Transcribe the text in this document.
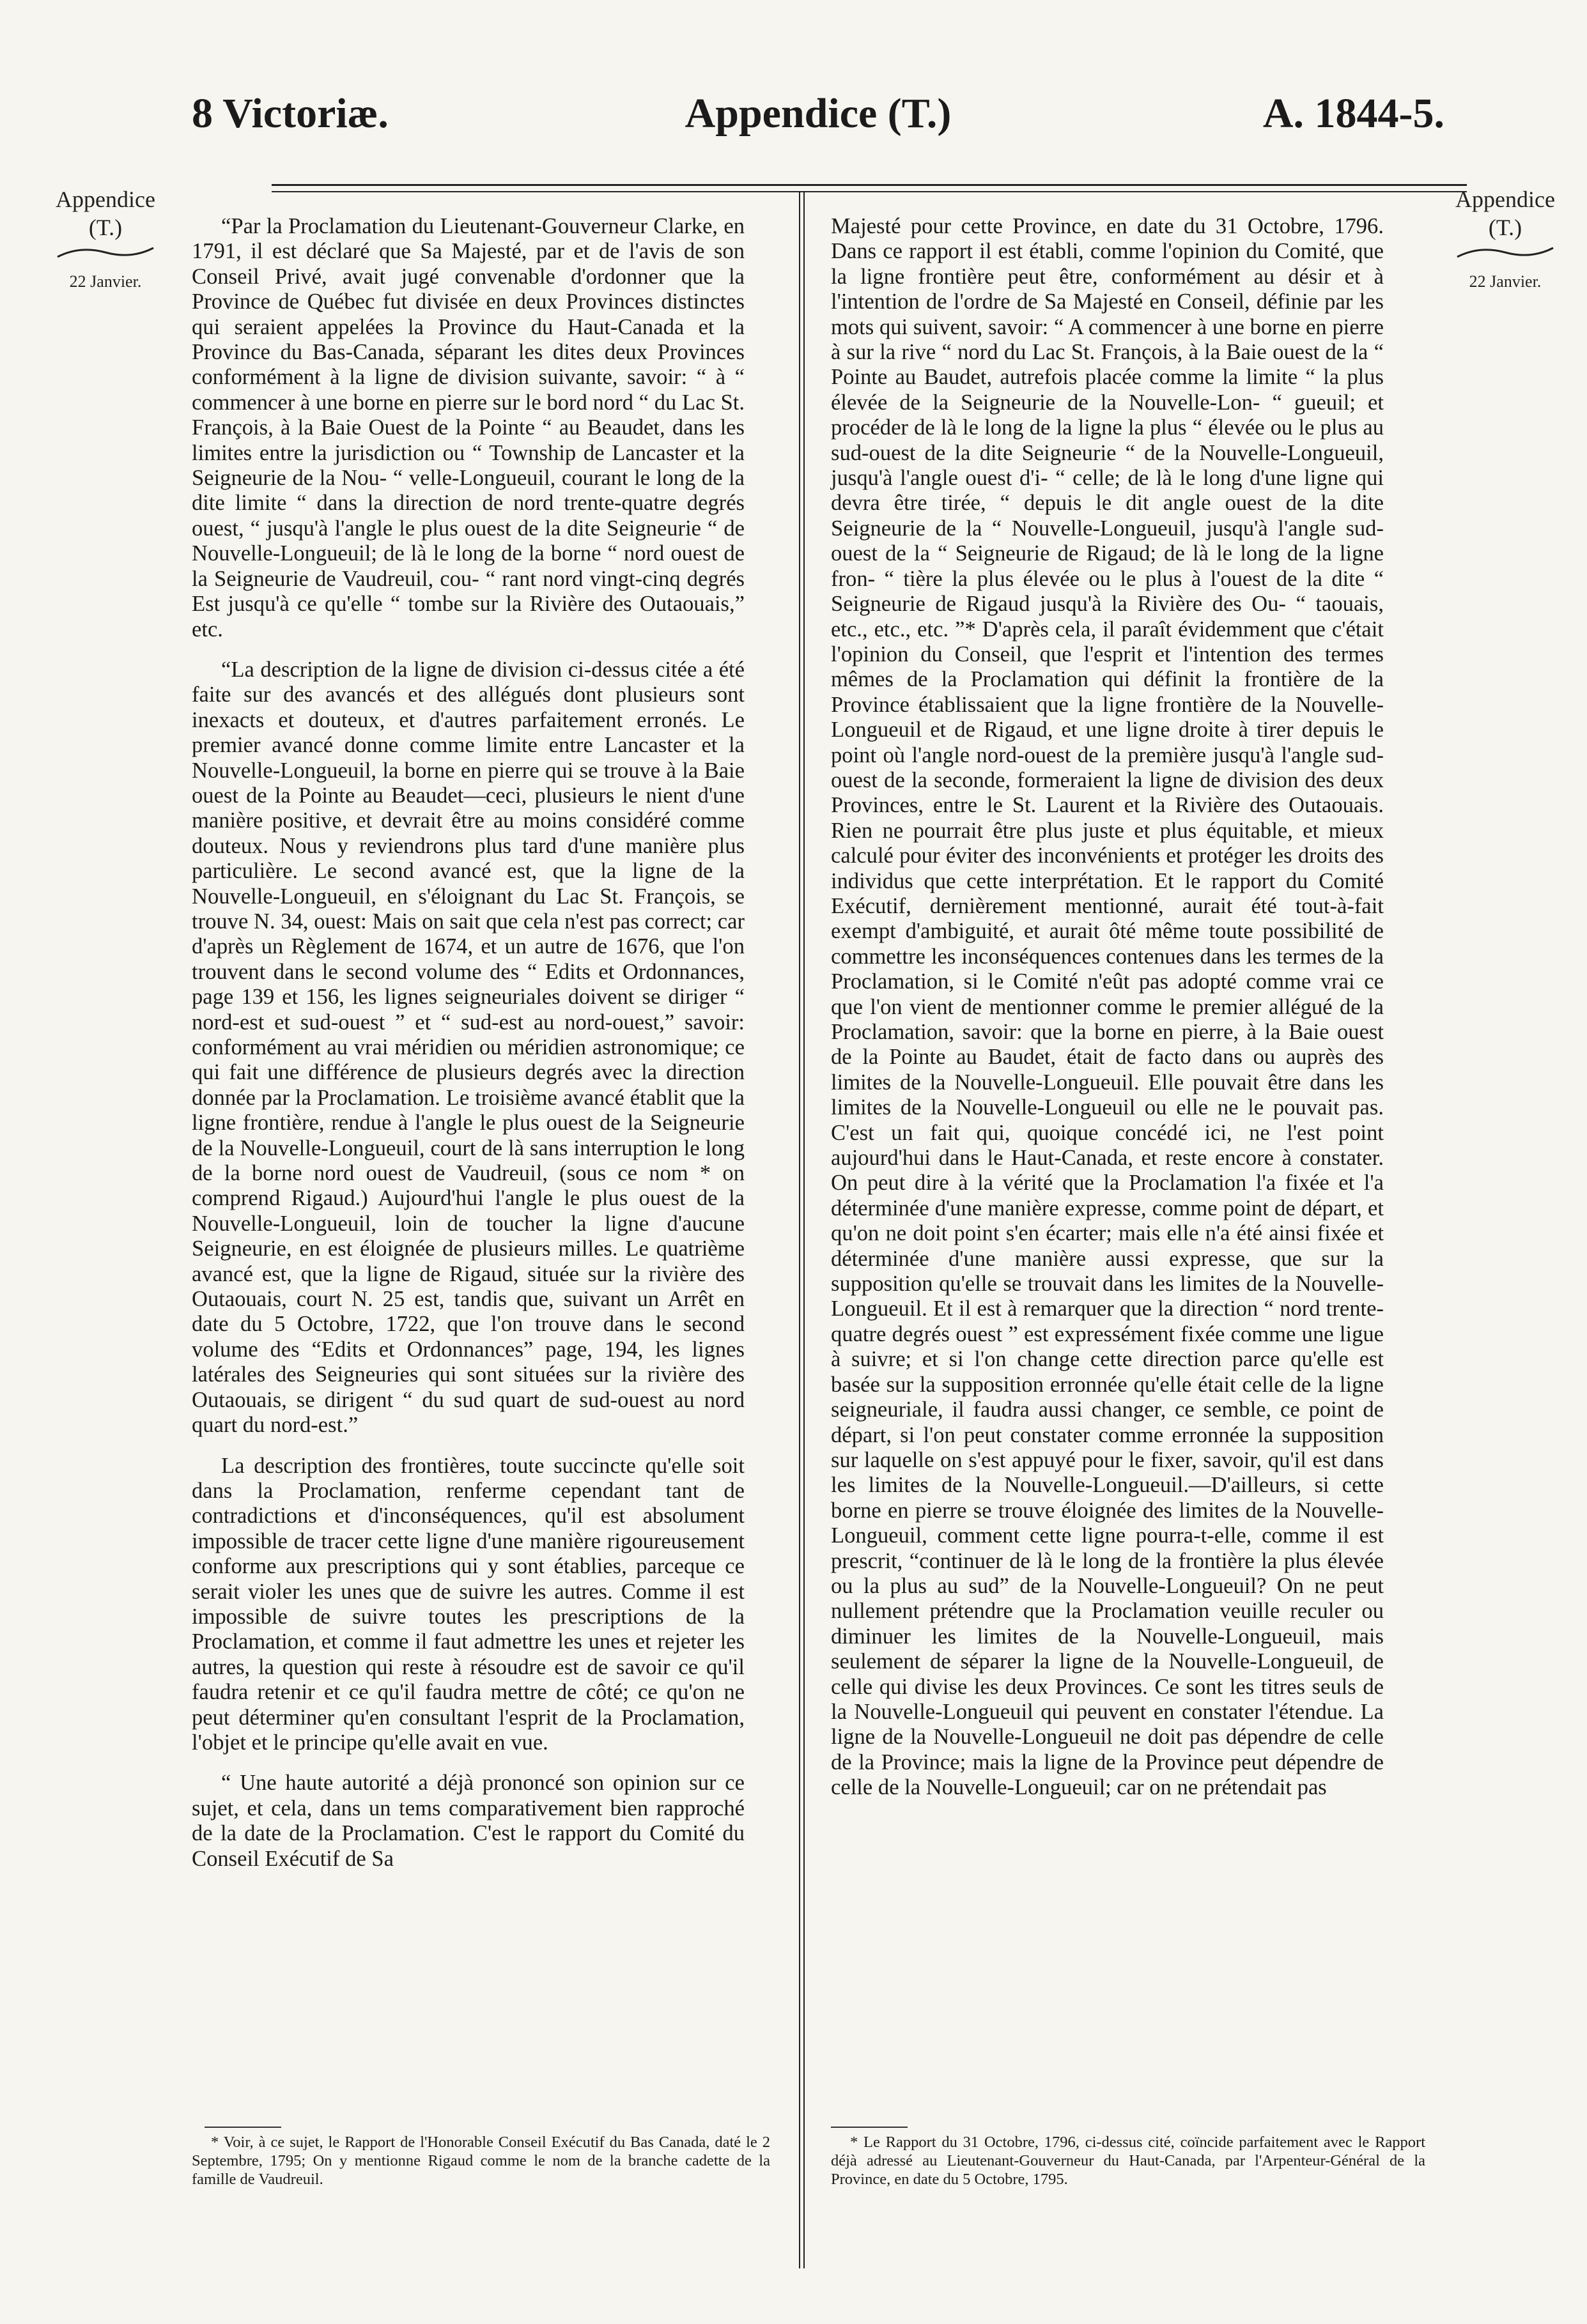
8 Victoriæ.	Appendice (T.)	A. 1844-5.
Appendice
(T.)
22 Janvier.
Appendice
(T.)
22 Janvier.

“Par la Proclamation du Lieutenant-Gouverneur Clarke, en 1791, il est déclaré que Sa Majesté, par et de l'avis de son Conseil Privé, avait jugé convenable d'ordonner que la Province de Québec fut divisée en deux Provinces distinctes qui seraient appelées la Province du Haut-Canada et la Province du Bas-Canada, séparant les dites deux Provinces conformément à la ligne de division suivante, savoir: “ à “ commencer à une borne en pierre sur le bord nord “ du Lac St. François, à la Baie Ouest de la Pointe “ au Beaudet, dans les limites entre la jurisdiction ou “ Township de Lancaster et la Seigneurie de la Nou- “ velle-Longueuil, courant le long de la dite limite “ dans la direction de nord trente-quatre degrés ouest, “ jusqu'à l'angle le plus ouest de la dite Seigneurie “ de Nouvelle-Longueuil; de là le long de la borne “ nord ouest de la Seigneurie de Vaudreuil, cou- “ rant nord vingt-cinq degrés Est jusqu'à ce qu'elle “ tombe sur la Rivière des Outaouais,” etc.

“La description de la ligne de division ci-dessus citée a été faite sur des avancés et des allégués dont plusieurs sont inexacts et douteux, et d'autres parfaitement erronés. Le premier avancé donne comme limite entre Lancaster et la Nouvelle-Longueuil, la borne en pierre qui se trouve à la Baie ouest de la Pointe au Beaudet—ceci, plusieurs le nient d'une manière positive, et devrait être au moins considéré comme douteux. Nous y reviendrons plus tard d'une manière plus particulière. Le second avancé est, que la ligne de la Nouvelle-Longueuil, en s'éloignant du Lac St. François, se trouve N. 34, ouest: Mais on sait que cela n'est pas correct; car d'après un Règlement de 1674, et un autre de 1676, que l'on trouvent dans le second volume des “ Edits et Ordonnances, page 139 et 156, les lignes seigneuriales doivent se diriger “ nord-est et sud-ouest ” et “ sud-est au nord-ouest,” savoir: conformément au vrai méridien ou méridien astronomique; ce qui fait une différence de plusieurs degrés avec la direction donnée par la Proclamation. Le troisième avancé établit que la ligne frontière, rendue à l'angle le plus ouest de la Seigneurie de la Nouvelle-Longueuil, court de là sans interruption le long de la borne nord ouest de Vaudreuil, (sous ce nom * on comprend Rigaud.) Aujourd'hui l'angle le plus ouest de la Nouvelle-Longueuil, loin de toucher la ligne d'aucune Seigneurie, en est éloignée de plusieurs milles. Le quatrième avancé est, que la ligne de Rigaud, située sur la rivière des Outaouais, court N. 25 est, tandis que, suivant un Arrêt en date du 5 Octobre, 1722, que l'on trouve dans le second volume des “Edits et Ordonnances” page, 194, les lignes latérales des Seigneuries qui sont situées sur la rivière des Outaouais, se dirigent “ du sud quart de sud-ouest au nord quart du nord-est.”

La description des frontières, toute succincte qu'elle soit dans la Proclamation, renferme cependant tant de contradictions et d'inconséquences, qu'il est absolument impossible de tracer cette ligne d'une manière rigoureusement conforme aux prescriptions qui y sont établies, parceque ce serait violer les unes que de suivre les autres. Comme il est impossible de suivre toutes les prescriptions de la Proclamation, et comme il faut admettre les unes et rejeter les autres, la question qui reste à résoudre est de savoir ce qu'il faudra retenir et ce qu'il faudra mettre de côté; ce qu'on ne peut déterminer qu'en consultant l'esprit de la Proclamation, l'objet et le principe qu'elle avait en vue.

“ Une haute autorité a déjà prononcé son opinion sur ce sujet, et cela, dans un tems comparativement bien rapproché de la date de la Proclamation. C'est le rapport du Comité du Conseil Exécutif de Sa

Majesté pour cette Province, en date du 31 Octobre, 1796. Dans ce rapport il est établi, comme l'opinion du Comité, que la ligne frontière peut être, conformément au désir et à l'intention de l'ordre de Sa Majesté en Conseil, définie par les mots qui suivent, savoir: “ A commencer à une borne en pierre à sur la rive “ nord du Lac St. François, à la Baie ouest de la “ Pointe au Baudet, autrefois placée comme la limite “ la plus élevée de la Seigneurie de la Nouvelle-Lon- “ gueuil; et procéder de là le long de la ligne la plus “ élevée ou le plus au sud-ouest de la dite Seigneurie “ de la Nouvelle-Longueuil, jusqu'à l'angle ouest d'i- “ celle; de là le long d'une ligne qui devra être tirée, “ depuis le dit angle ouest de la dite Seigneurie de la “ Nouvelle-Longueuil, jusqu'à l'angle sud-ouest de la “ Seigneurie de Rigaud; de là le long de la ligne fron- “ tière la plus élevée ou le plus à l'ouest de la dite “ Seigneurie de Rigaud jusqu'à la Rivière des Ou- “ taouais, etc., etc., etc. ”* D'après cela, il paraît évidemment que c'était l'opinion du Conseil, que l'esprit et l'intention des termes mêmes de la Proclamation qui définit la frontière de la Province établissaient que la ligne frontière de la Nouvelle-Longueuil et de Rigaud, et une ligne droite à tirer depuis le point où l'angle nord-ouest de la première jusqu'à l'angle sud-ouest de la seconde, formeraient la ligne de division des deux Provinces, entre le St. Laurent et la Rivière des Outaouais. Rien ne pourrait être plus juste et plus équitable, et mieux calculé pour éviter des inconvénients et protéger les droits des individus que cette interprétation. Et le rapport du Comité Exécutif, dernièrement mentionné, aurait été tout-à-fait exempt d'ambiguité, et aurait ôté même toute possibilité de commettre les inconséquences contenues dans les termes de la Proclamation, si le Comité n'eût pas adopté comme vrai ce que l'on vient de mentionner comme le premier allégué de la Proclamation, savoir: que la borne en pierre, à la Baie ouest de la Pointe au Baudet, était de facto dans ou auprès des limites de la Nouvelle-Longueuil. Elle pouvait être dans les limites de la Nouvelle-Longueuil ou elle ne le pouvait pas. C'est un fait qui, quoique concédé ici, ne l'est point aujourd'hui dans le Haut-Canada, et reste encore à constater. On peut dire à la vérité que la Proclamation l'a fixée et l'a déterminée d'une manière expresse, comme point de départ, et qu'on ne doit point s'en écarter; mais elle n'a été ainsi fixée et déterminée d'une manière aussi expresse, que sur la supposition qu'elle se trouvait dans les limites de la Nouvelle-Longueuil. Et il est à remarquer que la direction “ nord trente-quatre degrés ouest ” est expressément fixée comme une ligue à suivre; et si l'on change cette direction parce qu'elle est basée sur la supposition erronnée qu'elle était celle de la ligne seigneuriale, il faudra aussi changer, ce semble, ce point de départ, si l'on peut constater comme erronnée la supposition sur laquelle on s'est appuyé pour le fixer, savoir, qu'il est dans les limites de la Nouvelle-Longueuil.—D'ailleurs, si cette borne en pierre se trouve éloignée des limites de la Nouvelle-Longueuil, comment cette ligne pourra-t-elle, comme il est prescrit, “continuer de là le long de la frontière la plus élevée ou la plus au sud” de la Nouvelle-Longueuil? On ne peut nullement prétendre que la Proclamation veuille reculer ou diminuer les limites de la Nouvelle-Longueuil, mais seulement de séparer la ligne de la Nouvelle-Longueuil, de celle qui divise les deux Provinces. Ce sont les titres seuls de la Nouvelle-Longueuil qui peuvent en constater l'étendue. La ligne de la Nouvelle-Longueuil ne doit pas dépendre de celle de la Province; mais la ligne de la Province peut dépendre de celle de la Nouvelle-Longueuil; car on ne prétendait pas

* Voir, à ce sujet, le Rapport de l'Honorable Conseil Exécutif du Bas Canada, daté le 2 Septembre, 1795; On y mentionne Rigaud comme le nom de la branche cadette de la famille de Vaudreuil.

* Le Rapport du 31 Octobre, 1796, ci-dessus cité, coïncide parfaitement avec le Rapport déjà adressé au Lieutenant-Gouverneur du Haut-Canada, par l'Arpenteur-Général de la Province, en date du 5 Octobre, 1795.
